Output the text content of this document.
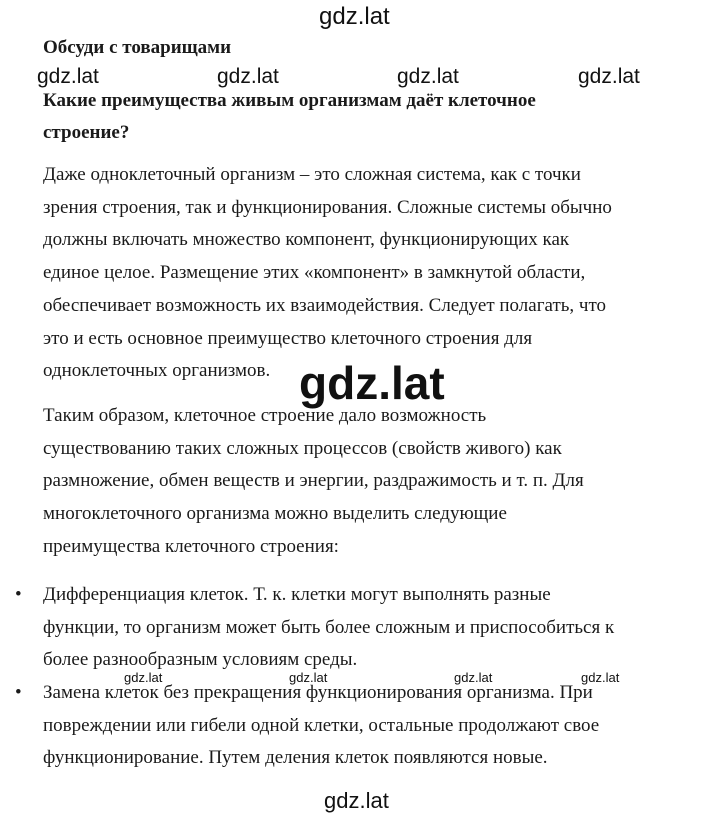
gdz.lat
Обсуди с товарищами
gdz.lat	gdz.lat	gdz.lat	gdz.lat
Какие преимущества живым организмам даёт клеточное
строение?

Даже одноклеточный организм – это сложная система, как с точки
зрения строения, так и функционирования. Сложные системы обычно
должны включать множество компонент, функционирующих как
единое целое. Размещение этих «компонент» в замкнутой области,
обеспечивает возможность их взаимодействия. Следует полагать, что
это и есть основное преимущество клеточного строения для
одноклеточных организмов. gdz.lat

Таким образом, клеточное строение дало возможность
существованию таких сложных процессов (свойств живого) как
размножение, обмен веществ и энергии, раздражимость и т. п. Для
многоклеточного организма можно выделить следующие
преимущества клеточного строения:

• Дифференциация клеток. Т. к. клетки могут выполнять разные
функции, то организм может быть более сложным и приспособиться к
более разнообразным условиям среды.
gdz.lat	gdz.lat	gdz.lat	gdz.lat
• Замена клеток без прекращения функционирования организма. При
повреждении или гибели одной клетки, остальные продолжают свое
функционирование. Путем деления клеток появляются новые.
gdz.lat
